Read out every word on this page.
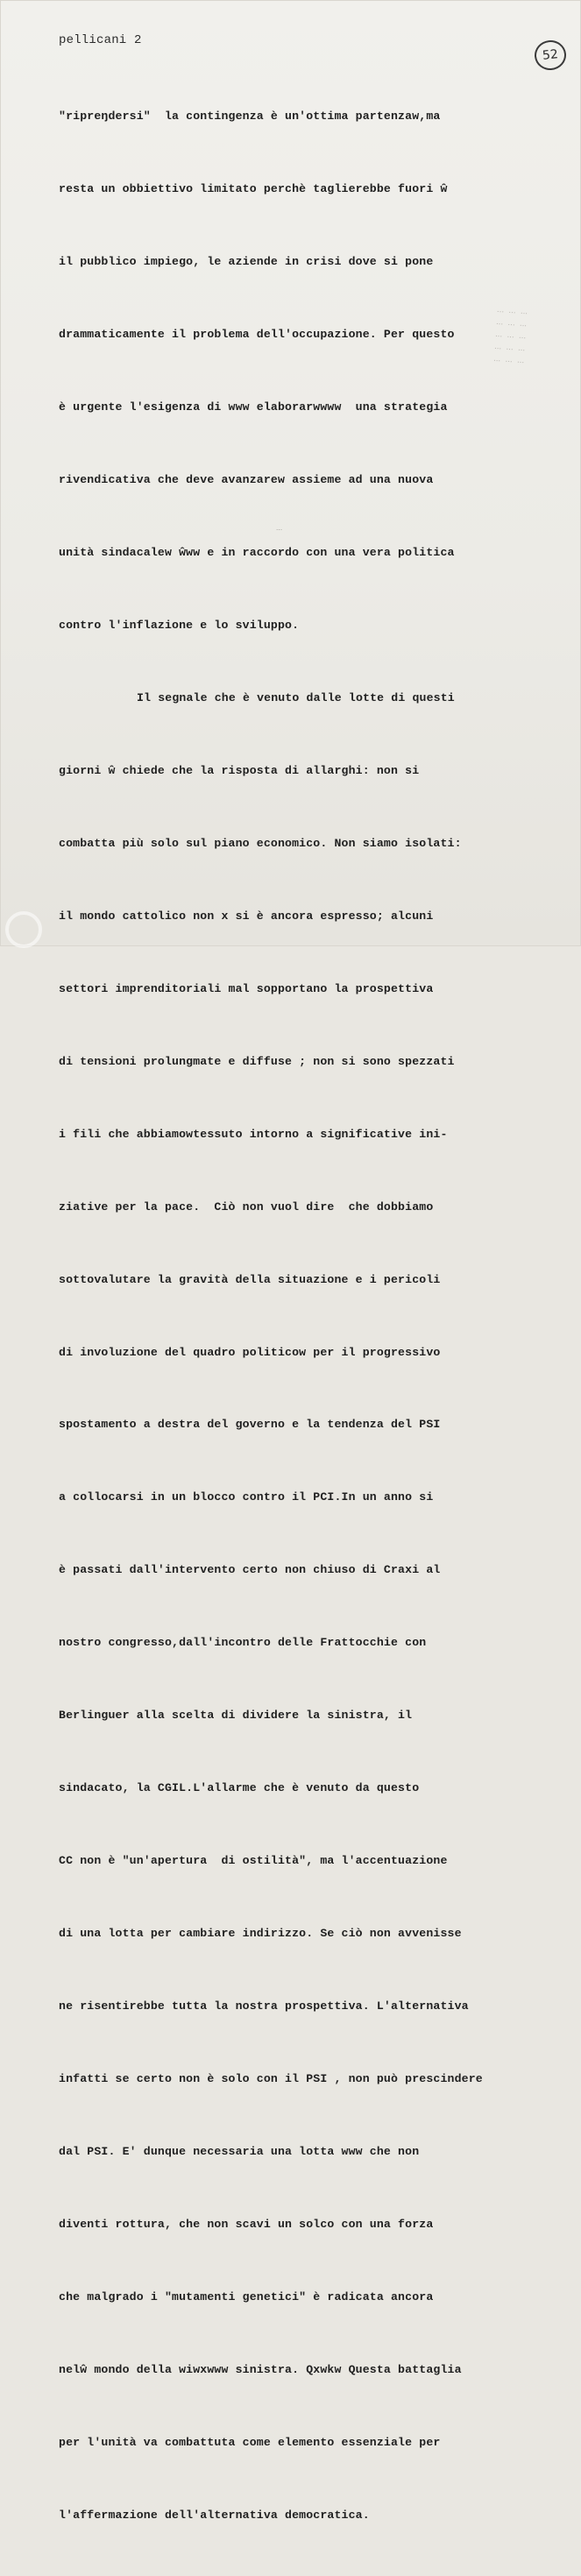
pellicani 2
52

"ripreŋdersi"  la contingenza è un'ottima partenzaw,ma

resta un obbiettivo limitato perchè taglierebbe fuori ŵ

il pubblico impiego, le aziende in crisi dove si pone

drammaticamente il problema dell'occupazione. Per questo

è urgente l'esigenza di www elaborarwwww  una strategia

rivendicativa che deve avanzarew assieme ad una nuova

unità sindacalew ŵww e in raccordo con una vera politica

contro l'inflazione e lo sviluppo.

Il segnale che è venuto dalle lotte di questi

giorni ŵ chiede che la risposta di allarghi: non si

combatta più solo sul piano economico. Non siamo isolati:

il mondo cattolico non x si è ancora espresso; alcuni

settori imprenditoriali mal sopportano la prospettiva

di tensioni prolungmate e diffuse ; non si sono spezzati

i fili che abbiamowtessuto intorno a significative ini-

ziative per la pace.  Ciò non vuol dire  che dobbiamo

sottovalutare la gravità della situazione e i pericoli

di involuzione del quadro politicow per il progressivo

spostamento a destra del governo e la tendenza del PSI

a collocarsi in un blocco contro il PCI.In un anno si

è passati dall'intervento certo non chiuso di Craxi al

nostro congresso,dall'incontro delle Frattocchie con

Berlinguer alla scelta di dividere la sinistra, il

sindacato, la CGIL.L'allarme che è venuto da questo

CC non è "un'apertura  di ostilità", ma l'accentuazione

di una lotta per cambiare indirizzo. Se ciò non avvenisse

ne risentirebbe tutta la nostra prospettiva. L'alternativa

infatti se certo non è solo con il PSI , non può prescindere

dal PSI. E' dunque necessaria una lotta www che non

diventi rottura, che non scavi un solco con una forza

che malgrado i "mutamenti genetici" è radicata ancora

nelŵ mondo della wiwxwww sinistra. Qxwkw Questa battaglia

per l'unità va combattuta come elemento essenziale per

l'affermazione dell'alternativa democratica.

...  ...  ...
...  ...  ...
...  ...  ...
...  ...  ...
...  ...  ...
...
